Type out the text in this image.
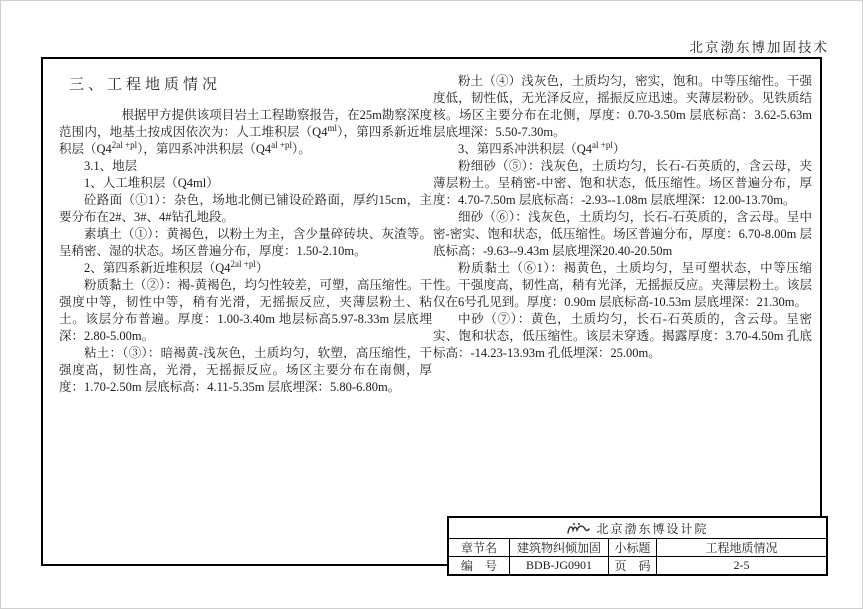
北京渤东博加固技术
三、工程地质情况

根据甲方提供该项目岩土工程勘察报告，在25m勘察深度范围内，地基土按成因依次为：人工堆积层$(Q4^{ml})$，第四系新近堆积层$(Q4^{2al +pl})$，第四系冲洪积层$(Q4^{al +pl})$。

3.1、地层

1、人工堆积层（Q4ml）

砼路面（①1）：杂色，场地北侧已铺设砼路面，厚约15cm，主要分布在2#、3#、4#钻孔地段。

素填土（①）：黄褐色，以粉土为主，含少量碎砖块、灰渣等。呈稍密、湿的状态。场区普遍分布，厚度：1.50-2.10m。

2、第四系新近堆积层$(Q4^{2al +pl})$

粉质黏土（②）：褐-黄褐色，均匀性较差，可塑，高压缩性。干强度中等，韧性中等，稍有光滑，无摇振反应，夹薄层粉土、粘土。该层分布普遍。厚度：1.00-3.40m 地层标高5.97-8.33m 层底埋深：2.80-5.00m。

粘土：（③）：暗褐黄-浅灰色，土质均匀，软塑，高压缩性，干强度高，韧性高，光滑，无摇振反应。场区主要分布在南侧，厚度：1.70-2.50m 层底标高：4.11-5.35m 层底埋深：5.80-6.80m。

粉土（④）浅灰色，土质均匀，密实，饱和。中等压缩性。干强度低，韧性低，无光泽反应，摇振反应迅速。夹薄层粉砂。见铁质结核。场区主要分布在北侧，厚度：0.70-3.50m 层底标高：3.62-5.63m 层底埋深：5.50-7.30m。

3、第四系冲洪积层$(Q4^{al +pl})$

粉细砂（⑤）：浅灰色，土质均匀，长石-石英质的，含云母，夹薄层粉土。呈稍密-中密、饱和状态，低压缩性。场区普遍分布，厚度：4.70-7.50m 层底标高：-2.93--1.08m 层底埋深：12.00-13.70m。

细砂（⑥）：浅灰色，土质均匀，长石-石英质的，含云母。呈中密-密实、饱和状态，低压缩性。场区普遍分布，厚度：6.70-8.00m 层底标高：-9.63--9.43m 层底埋深20.40-20.50m

粉质黏土（⑥1）：褐黄色，土质均匀，呈可塑状态，中等压缩性。干强度高，韧性高，稍有光泽，无摇振反应。夹薄层粉土。该层仅在6号孔见到。厚度：0.90m 层底标高-10.53m 层底埋深：21.30m。

中砂（⑦）：黄色，土质均匀，长石-石英质的，含云母。呈密实、饱和状态，低压缩性。该层未穿透。揭露厚度：3.70-4.50m 孔底标高：-14.23-13.93m 孔低埋深：25.00m。

北京渤东博设计院
章节名	建筑物纠倾加固	小标题	工程地质情况
编　号	BDB-JG0901	页　码	2-5
